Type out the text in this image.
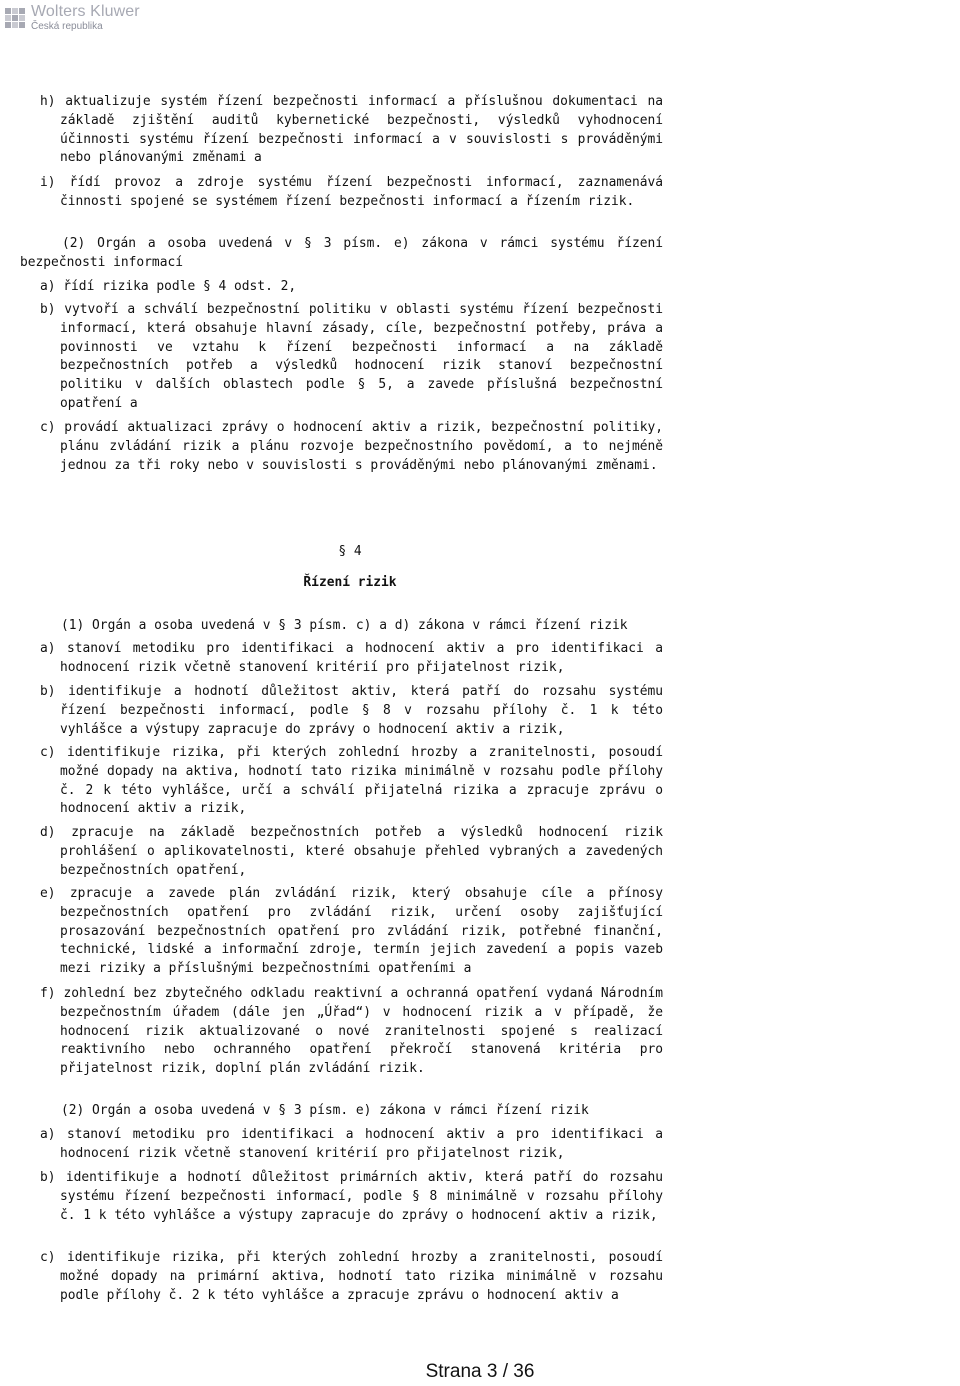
Wolters Kluwer
Česká republika
h) aktualizuje systém řízení bezpečnosti informací a příslušnou dokumentaci na základě zjištění auditů kybernetické bezpečnosti, výsledků vyhodnocení účinnosti systému řízení bezpečnosti informací a v souvislosti s prováděnými nebo plánovanými změnami a
i) řídí provoz a zdroje systému řízení bezpečnosti informací, zaznamenává činnosti spojené se systémem řízení bezpečnosti informací a řízením rizik.
(2) Orgán a osoba uvedená v § 3 písm. e) zákona v rámci systému řízení bezpečnosti informací
a) řídí rizika podle § 4 odst. 2,
b) vytvoří a schválí bezpečnostní politiku v oblasti systému řízení bezpečnosti informací, která obsahuje hlavní zásady, cíle, bezpečnostní potřeby, práva a povinnosti ve vztahu k řízení bezpečnosti informací a na základě bezpečnostních potřeb a výsledků hodnocení rizik stanoví bezpečnostní politiku v dalších oblastech podle § 5, a zavede příslušná bezpečnostní opatření a
c) provádí aktualizaci zprávy o hodnocení aktiv a rizik, bezpečnostní politiky, plánu zvládání rizik a plánu rozvoje bezpečnostního povědomí, a to nejméně jednou za tři roky nebo v souvislosti s prováděnými nebo plánovanými změnami.
§ 4
Řízení rizik
(1) Orgán a osoba uvedená v § 3 písm. c) a d) zákona v rámci řízení rizik
a) stanoví metodiku pro identifikaci a hodnocení aktiv a pro identifikaci a hodnocení rizik včetně stanovení kritérií pro přijatelnost rizik,
b) identifikuje a hodnotí důležitost aktiv, která patří do rozsahu systému řízení bezpečnosti informací, podle § 8 v rozsahu přílohy č. 1 k této vyhlášce a výstupy zapracuje do zprávy o hodnocení aktiv a rizik,
c) identifikuje rizika, při kterých zohlední hrozby a zranitelnosti, posoudí možné dopady na aktiva, hodnotí tato rizika minimálně v rozsahu podle přílohy č. 2 k této vyhlášce, určí a schválí přijatelná rizika a zpracuje zprávu o hodnocení aktiv a rizik,
d) zpracuje na základě bezpečnostních potřeb a výsledků hodnocení rizik prohlášení o aplikovatelnosti, které obsahuje přehled vybraných a zavedených bezpečnostních opatření,
e) zpracuje a zavede plán zvládání rizik, který obsahuje cíle a přínosy bezpečnostních opatření pro zvládání rizik, určení osoby zajišťující prosazování bezpečnostních opatření pro zvládání rizik, potřebné finanční, technické, lidské a informační zdroje, termín jejich zavedení a popis vazeb mezi riziky a příslušnými bezpečnostními opatřeními a
f) zohlední bez zbytečného odkladu reaktivní a ochranná opatření vydaná Národním bezpečnostním úřadem (dále jen „Úřad“) v hodnocení rizik a v případě, že hodnocení rizik aktualizované o nové zranitelnosti spojené s realizací reaktivního nebo ochranného opatření překročí stanovená kritéria pro přijatelnost rizik, doplní plán zvládání rizik.
(2) Orgán a osoba uvedená v § 3 písm. e) zákona v rámci řízení rizik
a) stanoví metodiku pro identifikaci a hodnocení aktiv a pro identifikaci a hodnocení rizik včetně stanovení kritérií pro přijatelnost rizik,
b) identifikuje a hodnotí důležitost primárních aktiv, která patří do rozsahu systému řízení bezpečnosti informací, podle § 8 minimálně v rozsahu přílohy č. 1 k této vyhlášce a výstupy zapracuje do zprávy o hodnocení aktiv a rizik,
c) identifikuje rizika, při kterých zohlední hrozby a zranitelnosti, posoudí možné dopady na primární aktiva, hodnotí tato rizika minimálně v rozsahu podle přílohy č. 2 k této vyhlášce a zpracuje zprávu o hodnocení aktiv a
Strana 3 / 36
